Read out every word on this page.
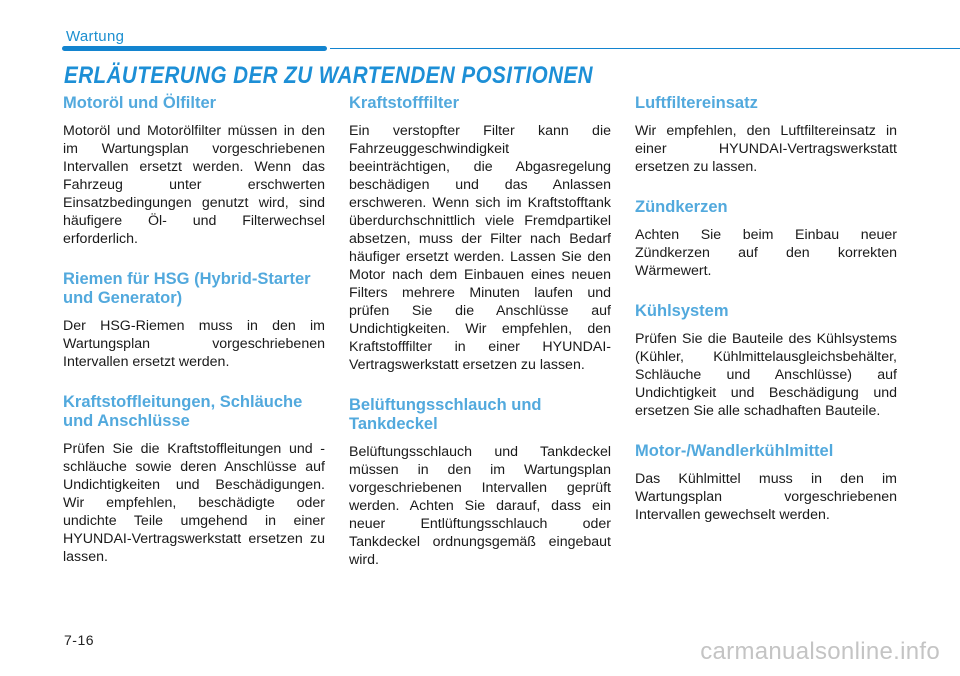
Wartung
ERLÄUTERUNG DER ZU WARTENDEN POSITIONEN
Motoröl und Ölfilter

Motoröl und Motorölfilter müssen in den im Wartungsplan vorgeschriebenen Intervallen ersetzt werden. Wenn das Fahrzeug unter erschwerten Einsatzbedingungen genutzt wird, sind häufigere Öl- und Filterwechsel erforderlich.

Riemen für HSG (Hybrid-Starter und Generator)

Der HSG-Riemen muss in den im Wartungsplan vorgeschriebenen Intervallen ersetzt werden.

Kraftstoffleitungen, Schläuche und Anschlüsse

Prüfen Sie die Kraftstoffleitungen und -schläuche sowie deren Anschlüsse auf Undichtigkeiten und Beschädigungen. Wir empfehlen, beschädigte oder undichte Teile umgehend in einer HYUNDAI-Vertragswerkstatt ersetzen zu lassen.

Kraftstofffilter

Ein verstopfter Filter kann die Fahrzeuggeschwindigkeit beeinträchtigen, die Abgasregelung beschädigen und das Anlassen erschweren. Wenn sich im Kraftstofftank überdurchschnittlich viele Fremdpartikel absetzen, muss der Filter nach Bedarf häufiger ersetzt werden. Lassen Sie den Motor nach dem Einbauen eines neuen Filters mehrere Minuten laufen und prüfen Sie die Anschlüsse auf Undichtigkeiten. Wir empfehlen, den Kraftstofffilter in einer HYUNDAI-Vertragswerkstatt ersetzen zu lassen.

Belüftungsschlauch und Tankdeckel

Belüftungsschlauch und Tankdeckel müssen in den im Wartungsplan vorgeschriebenen Intervallen geprüft werden. Achten Sie darauf, dass ein neuer Entlüftungsschlauch oder Tankdeckel ordnungsgemäß eingebaut wird.

Luftfiltereinsatz

Wir empfehlen, den Luftfiltereinsatz in einer HYUNDAI-Vertragswerkstatt ersetzen zu lassen.

Zündkerzen

Achten Sie beim Einbau neuer Zündkerzen auf den korrekten Wärmewert.

Kühlsystem

Prüfen Sie die Bauteile des Kühlsystems (Kühler, Kühlmittelausgleichsbehälter, Schläuche und Anschlüsse) auf Undichtigkeit und Beschädigung und ersetzen Sie alle schadhaften Bauteile.

Motor-/Wandlerkühlmittel

Das Kühlmittel muss in den im Wartungsplan vorgeschriebenen Intervallen gewechselt werden.

7-16	carmanualsonline.info
